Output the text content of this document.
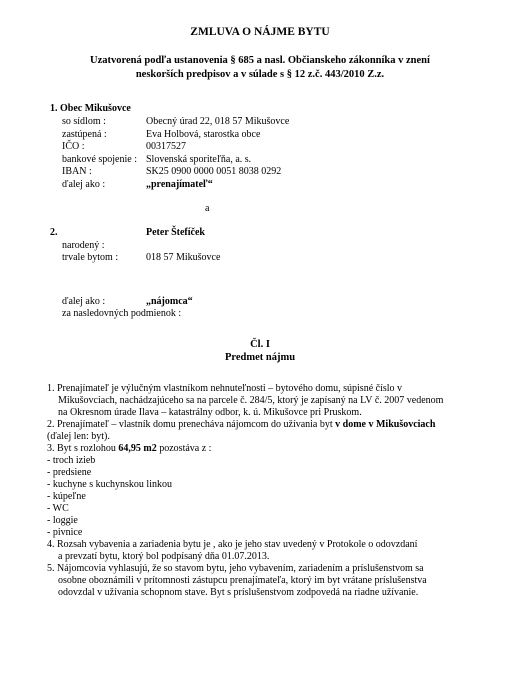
ZMLUVA O NÁJME BYTU
Uzatvorená podľa ustanovenia § 685 a nasl. Občianskeho zákonníka v znení
neskorších predpisov a v súlade s § 12 z.č. 443/2010 Z.z.
1. Obec Mikušovce
so sídlom :	Obecný úrad 22, 018 57 Mikušovce
zastúpená :	Eva Holbová, starostka obce
IČO :	00317527
bankové spojenie : Slovenská sporiteľňa, a. s.
IBAN :	SK25 0900 0000 0051 8038 0292
ďalej ako :	„prenajímateľ“
a
2.	Peter Štefíček
narodený :
trvale bytom :	018 57 Mikušovce
ďalej ako :	„nájomca“
za nasledovných podmienok :
Čl. I
Predmet nájmu
1. Prenajímateľ je výlučným vlastníkom nehnuteľnosti – bytového domu, súpisné číslo v
Mikušovciach, nachádzajúceho sa na parcele č. 284/5, ktorý je zapísaný na LV č. 2007 vedenom
na Okresnom úrade Ilava – katastrálny odbor, k. ú. Mikušovce pri Pruskom.
2. Prenajímateľ – vlastník domu prenecháva nájomcom do užívania byt v dome v Mikušovciach
(ďalej len: byt).
3. Byt s rozlohou 64,95 m2 pozostáva z :
- troch izieb
- predsiene
- kuchyne s kuchynskou linkou
- kúpeľne
- WC
- loggie
- pivnice
4. Rozsah vybavenia a zariadenia bytu je , ako je jeho stav uvedený v Protokole o odovzdaní
a prevzatí bytu, ktorý bol podpísaný dňa 01.07.2013.
5. Nájomcovia vyhlasujú, že so stavom bytu, jeho vybavením, zariadením a príslušenstvom sa
osobne oboznámili v prítomnosti zástupcu prenajímateľa, ktorý im byt vrátane príslušenstva
odovzdal v užívania schopnom stave. Byt s príslušenstvom zodpovedá na riadne užívanie.
